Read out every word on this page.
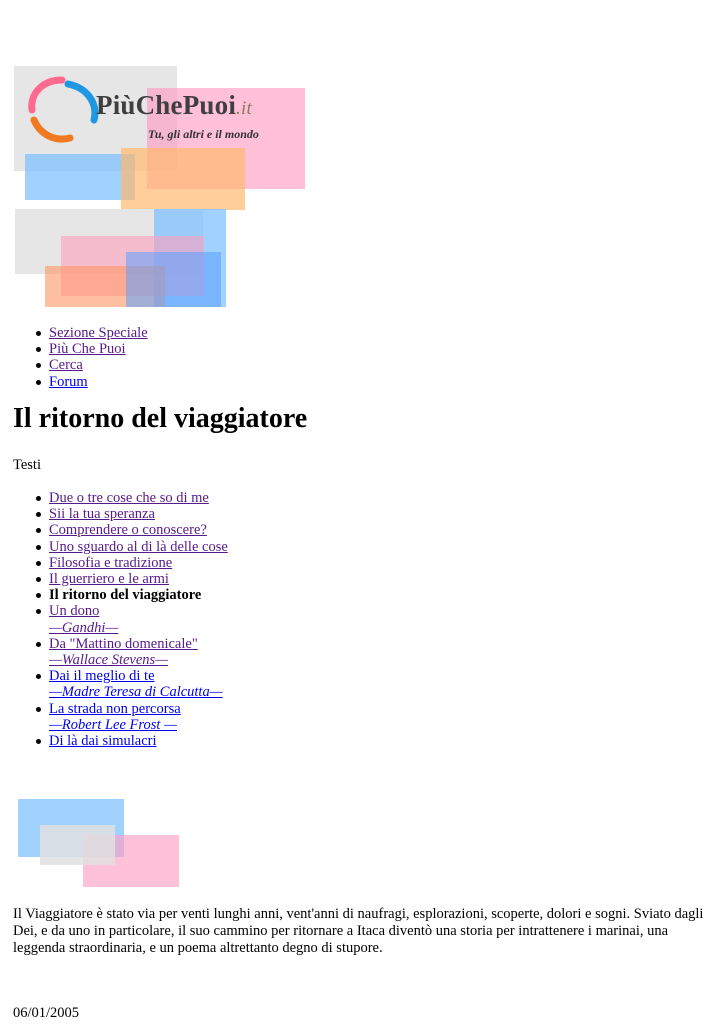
PiùChePuoi.it
Tu, gli altri e il mondo
Sezione Speciale
Più Che Puoi
Cerca
Forum
Il ritorno del viaggiatore
Testi
Due o tre cose che so di me
Sii la tua speranza
Comprendere o conoscere?
Uno sguardo al di là delle cose
Filosofia e tradizione
Il guerriero e le armi
Il ritorno del viaggiatore
Un dono
—Gandhi—
Da "Mattino domenicale"
—Wallace Stevens—
Dai il meglio di te
—Madre Teresa di Calcutta—
La strada non percorsa
—Robert Lee Frost —
Di là dai simulacri

Il Viaggiatore è stato via per venti lunghi anni, vent'anni di naufragi, esplorazioni, scoperte, dolori e sogni. Sviato dagli Dei, e da uno in particolare, il suo cammino per ritornare a Itaca diventò una storia per intrattenere i marinai, una leggenda straordinaria, e un poema altrettanto degno di stupore.

06/01/2005
